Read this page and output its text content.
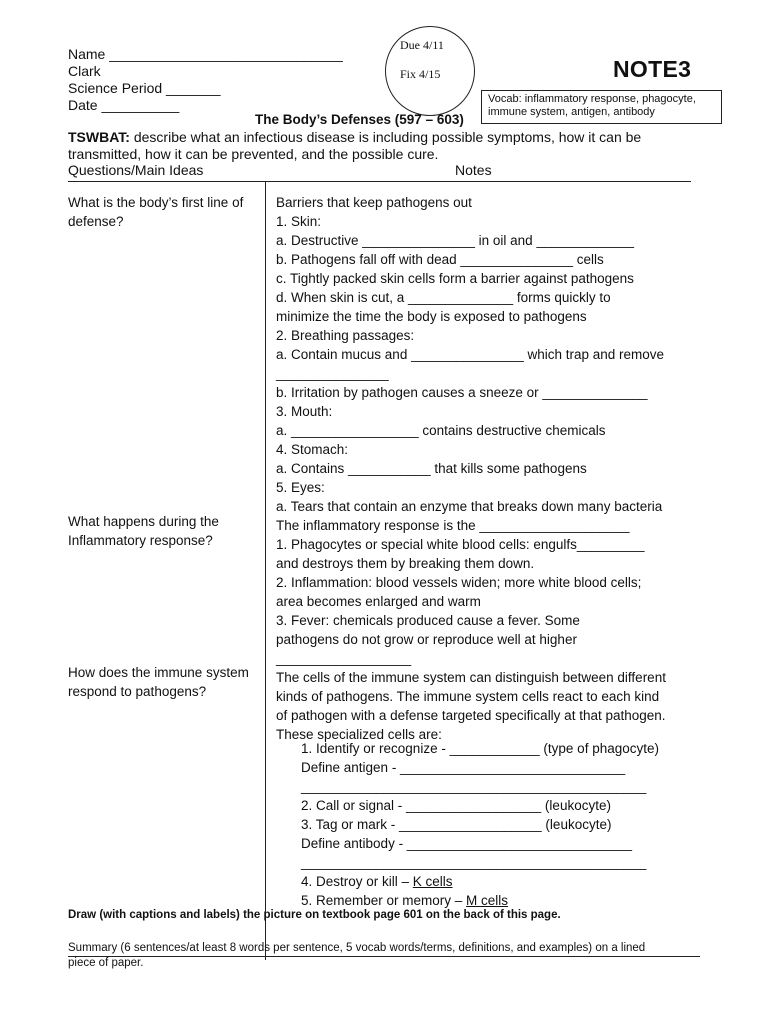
Name ______________________________
Clark
Science Period _______
Date __________
Due 4/11
Fix 4/15	NOTE3
Vocab: inflammatory response, phagocyte,
immune system, antigen, antibody
The Body’s Defenses (597 – 603)
TSWBAT: describe what an infectious disease is including possible symptoms, how it can be
transmitted, how it can be prevented, and the possible cure.
Questions/Main Ideas	Notes
What is the body’s first line of
defense?
What happens during the
Inflammatory response?
How does the immune system
respond to pathogens?
Barriers that keep pathogens out
1. Skin:
a. Destructive _______________ in oil and _____________
b. Pathogens fall off with dead _______________ cells
c. Tightly packed skin cells form a barrier against pathogens
d. When skin is cut, a ______________ forms quickly to
minimize the time the body is exposed to pathogens
2. Breathing passages:
a. Contain mucus and _______________ which trap and remove
_______________
b. Irritation by pathogen causes a sneeze or ______________
3. Mouth:
a. _________________ contains destructive chemicals
4. Stomach:
a. Contains ___________ that kills some pathogens
5. Eyes:
a. Tears that contain an enzyme that breaks down many bacteria
The inflammatory response is the ____________________
1. Phagocytes or special white blood cells: engulfs_________
and destroys them by breaking them down.
2. Inflammation: blood vessels widen; more white blood cells;
area becomes enlarged and warm
3. Fever: chemicals produced cause a fever. Some
pathogens do not grow or reproduce well at higher
__________________
The cells of the immune system can distinguish between different
kinds of pathogens. The immune system cells react to each kind
of pathogen with a defense targeted specifically at that pathogen.
These specialized cells are:
1. Identify or recognize - ____________ (type of phagocyte)
Define antigen - ______________________________
______________________________________________
2. Call or signal - __________________ (leukocyte)
3. Tag or mark - ___________________ (leukocyte)
Define antibody - ______________________________
______________________________________________
4. Destroy or kill – K cells
5. Remember or memory – M cells
Draw (with captions and labels) the picture on textbook page 601 on the back of this page.
Summary (6 sentences/at least 8 words per sentence, 5 vocab words/terms, definitions, and examples) on a lined
piece of paper.
